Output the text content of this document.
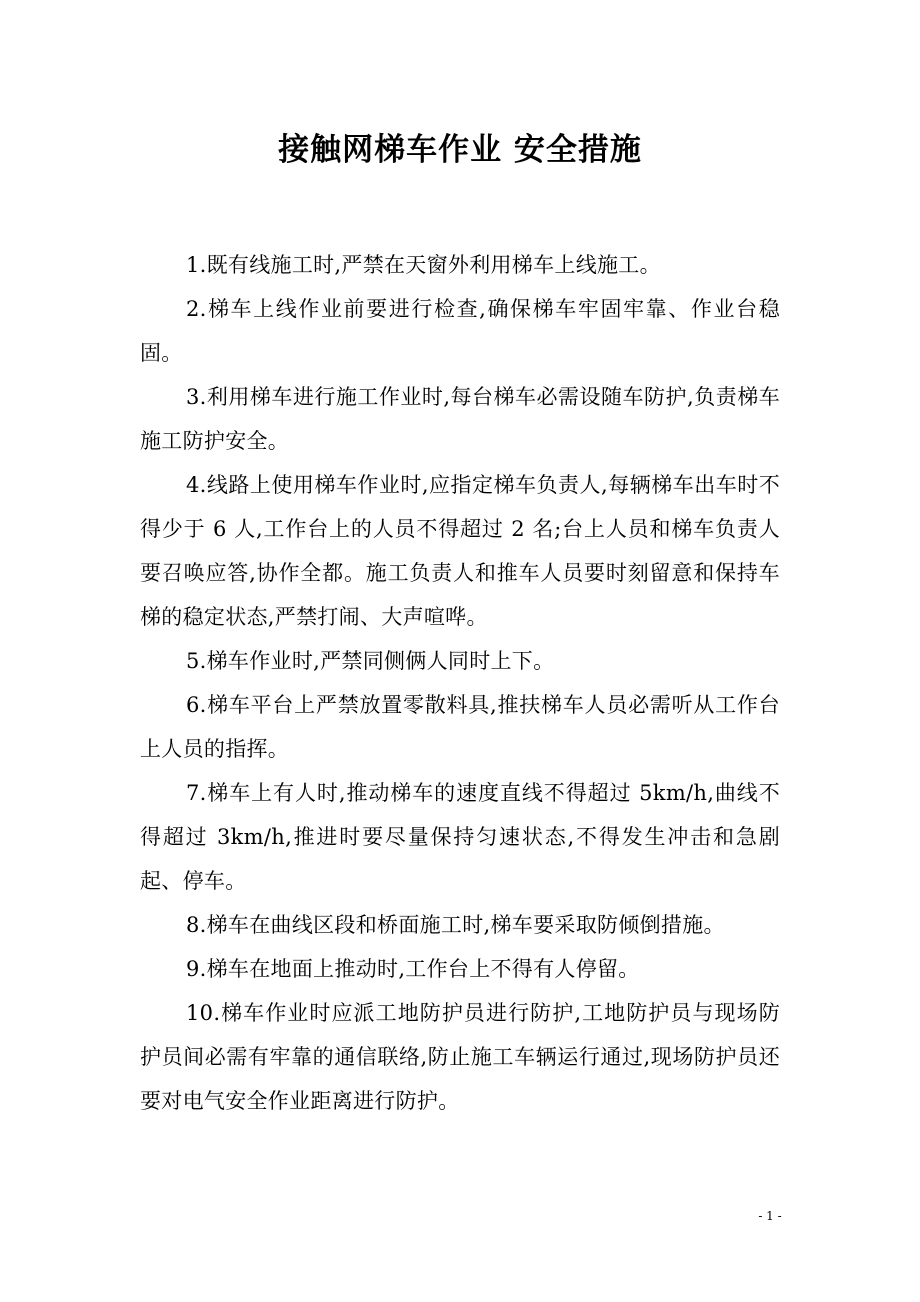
接触网梯车作业 安全措施

1.既有线施工时,严禁在天窗外利用梯车上线施工。

2.梯车上线作业前要进行检查,确保梯车牢固牢靠、作业台稳固。

3.利用梯车进行施工作业时,每台梯车必需设随车防护,负责梯车施工防护安全。

4.线路上使用梯车作业时,应指定梯车负责人,每辆梯车出车时不得少于 6 人,工作台上的人员不得超过 2 名;台上人员和梯车负责人要召唤应答,协作全都。施工负责人和推车人员要时刻留意和保持车梯的稳定状态,严禁打闹、大声喧哗。

5.梯车作业时,严禁同侧俩人同时上下。

6.梯车平台上严禁放置零散料具,推扶梯车人员必需听从工作台上人员的指挥。

7.梯车上有人时,推动梯车的速度直线不得超过 5km/h,曲线不得超过 3km/h,推进时要尽量保持匀速状态,不得发生冲击和急剧起、停车。

8.梯车在曲线区段和桥面施工时,梯车要采取防倾倒措施。

9.梯车在地面上推动时,工作台上不得有人停留。

10.梯车作业时应派工地防护员进行防护,工地防护员与现场防护员间必需有牢靠的通信联络,防止施工车辆运行通过,现场防护员还要对电气安全作业距离进行防护。

- 1 -
